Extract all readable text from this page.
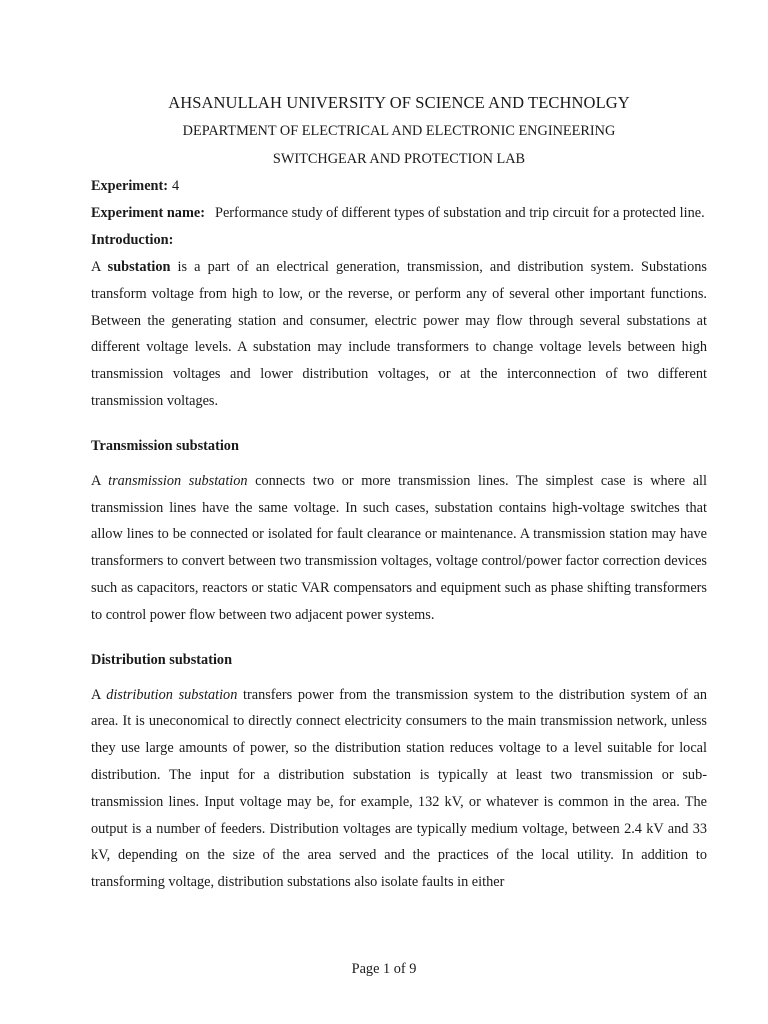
AHSANULLAH UNIVERSITY OF SCIENCE AND TECHNOLGY
DEPARTMENT OF ELECTRICAL AND ELECTRONIC ENGINEERING
SWITCHGEAR AND PROTECTION LAB
Experiment: 4
Experiment name: Performance study of different types of substation and trip circuit for a protected line.
Introduction:

A substation is a part of an electrical generation, transmission, and distribution system. Substations transform voltage from high to low, or the reverse, or perform any of several other important functions. Between the generating station and consumer, electric power may flow through several substations at different voltage levels. A substation may include transformers to change voltage levels between high transmission voltages and lower distribution voltages, or at the interconnection of two different transmission voltages.

Transmission substation

A transmission substation connects two or more transmission lines. The simplest case is where all transmission lines have the same voltage. In such cases, substation contains high-voltage switches that allow lines to be connected or isolated for fault clearance or maintenance. A transmission station may have transformers to convert between two transmission voltages, voltage control/power factor correction devices such as capacitors, reactors or static VAR compensators and equipment such as phase shifting transformers to control power flow between two adjacent power systems.

Distribution substation

A distribution substation transfers power from the transmission system to the distribution system of an area. It is uneconomical to directly connect electricity consumers to the main transmission network, unless they use large amounts of power, so the distribution station reduces voltage to a level suitable for local distribution. The input for a distribution substation is typically at least two transmission or sub-transmission lines. Input voltage may be, for example, 132 kV, or whatever is common in the area. The output is a number of feeders. Distribution voltages are typically medium voltage, between 2.4 kV and 33 kV, depending on the size of the area served and the practices of the local utility. In addition to transforming voltage, distribution substations also isolate faults in either

Page 1 of 9
